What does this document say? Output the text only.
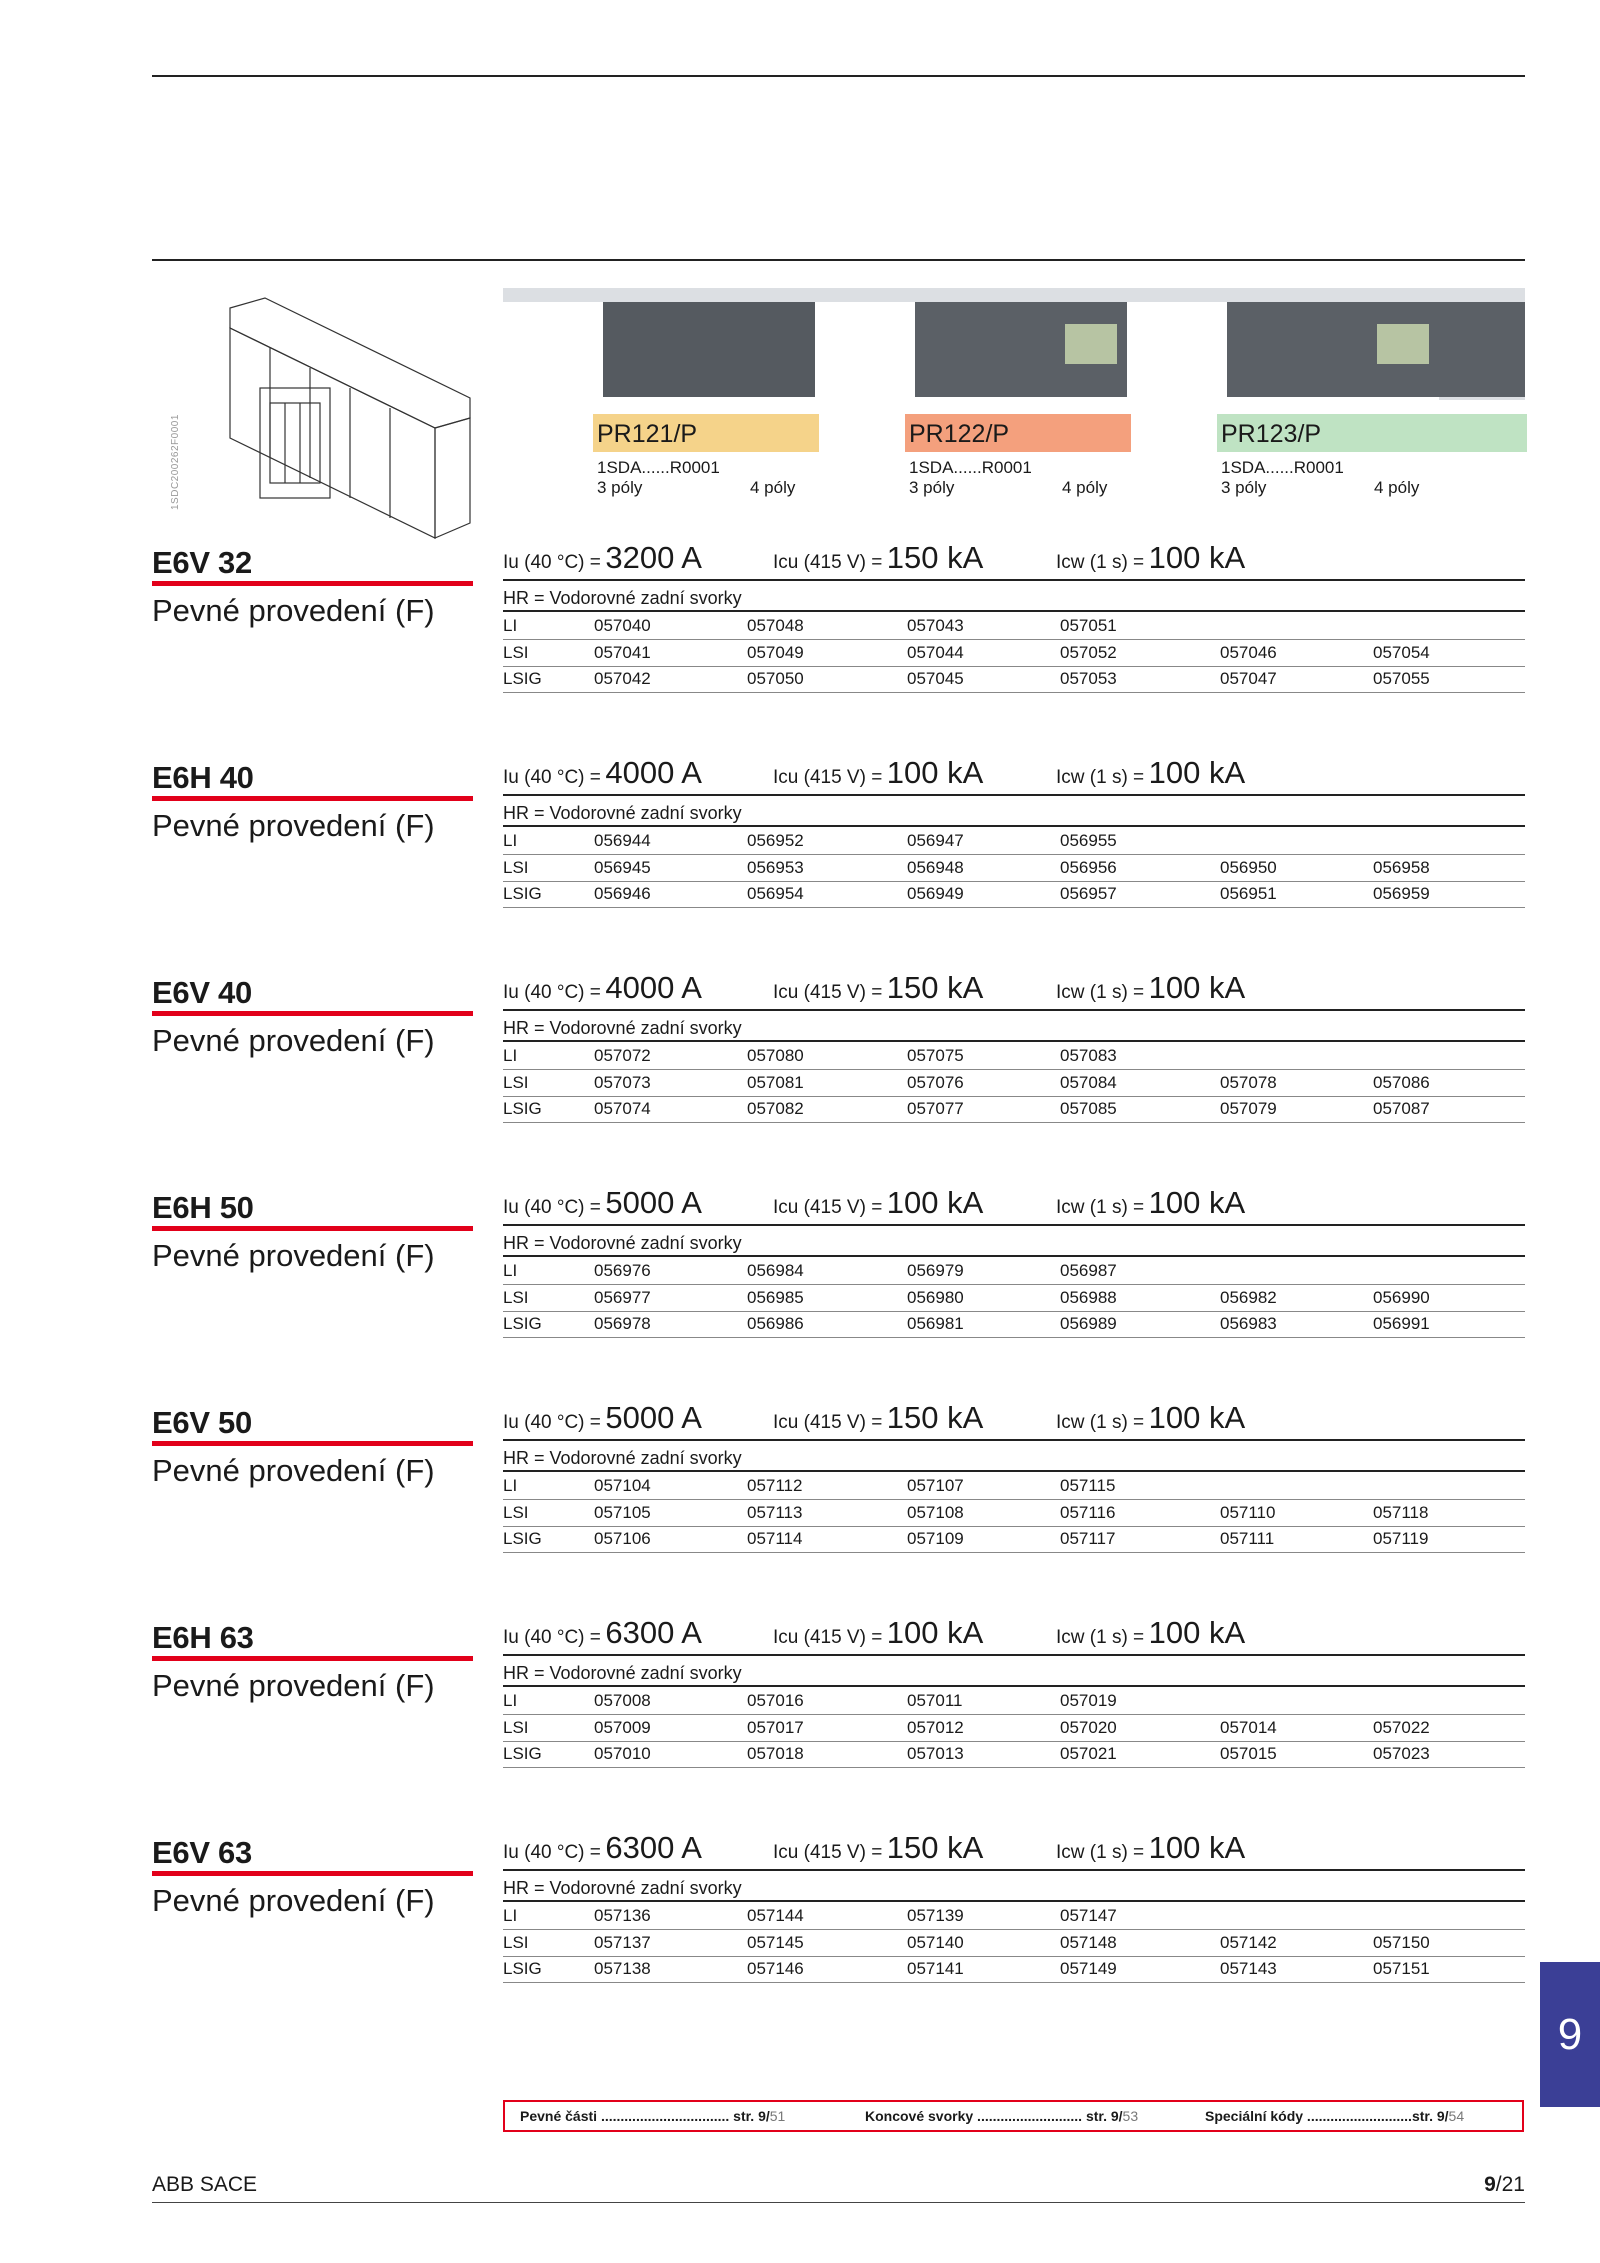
1SDC200262F0001	PR121/P
1SDA......R0001
3 póly	4 póly
PR122/P
1SDA......R0001
3 póly	4 póly
PR123/P
1SDA......R0001
3 póly	4 póly
E6V 32
Pevné provedení (F)
Iu (40 °C) = 3200 A	Icu (415 V) = 150 kA	Icw (1 s) = 100 kA
HR = Vodorovné zadní svorky
LI	057040	057048	057043	057051
LSI	057041	057049	057044	057052	057046	057054
LSIG	057042	057050	057045	057053	057047	057055
E6H 40
Pevné provedení (F)
Iu (40 °C) = 4000 A	Icu (415 V) = 100 kA	Icw (1 s) = 100 kA
HR = Vodorovné zadní svorky
LI	056944	056952	056947	056955
LSI	056945	056953	056948	056956	056950	056958
LSIG	056946	056954	056949	056957	056951	056959
E6V 40
Pevné provedení (F)
Iu (40 °C) = 4000 A	Icu (415 V) = 150 kA	Icw (1 s) = 100 kA
HR = Vodorovné zadní svorky
LI	057072	057080	057075	057083
LSI	057073	057081	057076	057084	057078	057086
LSIG	057074	057082	057077	057085	057079	057087
E6H 50
Pevné provedení (F)
Iu (40 °C) = 5000 A	Icu (415 V) = 100 kA	Icw (1 s) = 100 kA
HR = Vodorovné zadní svorky
LI	056976	056984	056979	056987
LSI	056977	056985	056980	056988	056982	056990
LSIG	056978	056986	056981	056989	056983	056991
E6V 50
Pevné provedení (F)
Iu (40 °C) = 5000 A	Icu (415 V) = 150 kA	Icw (1 s) = 100 kA
HR = Vodorovné zadní svorky
LI	057104	057112	057107	057115
LSI	057105	057113	057108	057116	057110	057118
LSIG	057106	057114	057109	057117	057111	057119
E6H 63
Pevné provedení (F)
Iu (40 °C) = 6300 A	Icu (415 V) = 100 kA	Icw (1 s) = 100 kA
HR = Vodorovné zadní svorky
LI	057008	057016	057011	057019
LSI	057009	057017	057012	057020	057014	057022
LSIG	057010	057018	057013	057021	057015	057023
E6V 63
Pevné provedení (F)
Iu (40 °C) = 6300 A	Icu (415 V) = 150 kA	Icw (1 s) = 100 kA
HR = Vodorovné zadní svorky
LI	057136	057144	057139	057147
LSI	057137	057145	057140	057148	057142	057150
LSIG	057138	057146	057141	057149	057143	057151
9
Pevné části ................................. str. 9/51	Koncové svorky ........................... str. 9/53	Speciální kódy ...........................str. 9/54
ABB SACE	9/21
